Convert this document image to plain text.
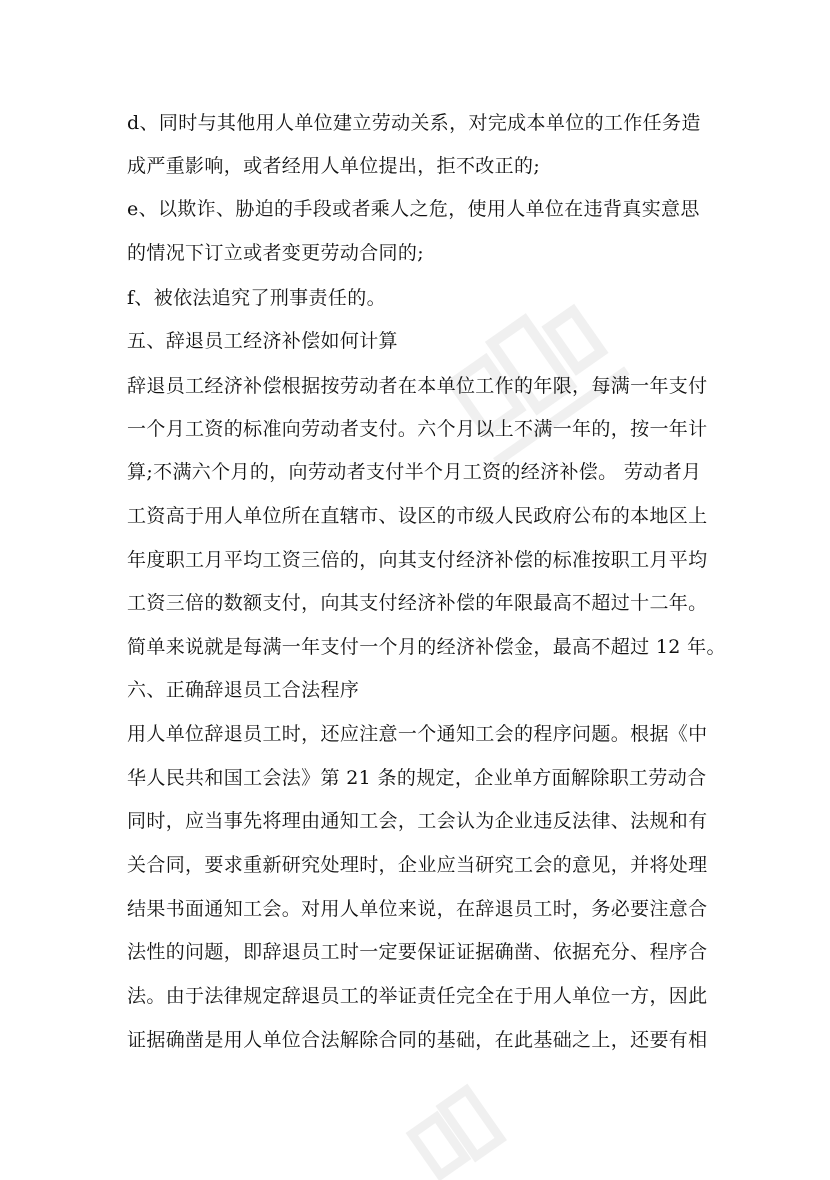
d、同时与其他用人单位建立劳动关系，对完成本单位的工作任务造
成严重影响，或者经用人单位提出，拒不改正的;
e、以欺诈、胁迫的手段或者乘人之危，使用人单位在违背真实意思
的情况下订立或者变更劳动合同的;
f、被依法追究了刑事责任的。
五、辞退员工经济补偿如何计算
辞退员工经济补偿根据按劳动者在本单位工作的年限，每满一年支付
一个月工资的标准向劳动者支付。六个月以上不满一年的，按一年计
算;不满六个月的，向劳动者支付半个月工资的经济补偿。 劳动者月
工资高于用人单位所在直辖市、设区的市级人民政府公布的本地区上
年度职工月平均工资三倍的，向其支付经济补偿的标准按职工月平均
工资三倍的数额支付，向其支付经济补偿的年限最高不超过十二年。
简单来说就是每满一年支付一个月的经济补偿金，最高不超过 12 年。
六、正确辞退员工合法程序
用人单位辞退员工时，还应注意一个通知工会的程序问题。根据《中
华人民共和国工会法》第 21 条的规定，企业单方面解除职工劳动合
同时，应当事先将理由通知工会，工会认为企业违反法律、法规和有
关合同，要求重新研究处理时，企业应当研究工会的意见，并将处理
结果书面通知工会。对用人单位来说，在辞退员工时，务必要注意合
法性的问题，即辞退员工时一定要保证证据确凿、依据充分、程序合
法。由于法律规定辞退员工的举证责任完全在于用人单位一方，因此
证据确凿是用人单位合法解除合同的基础，在此基础之上，还要有相
